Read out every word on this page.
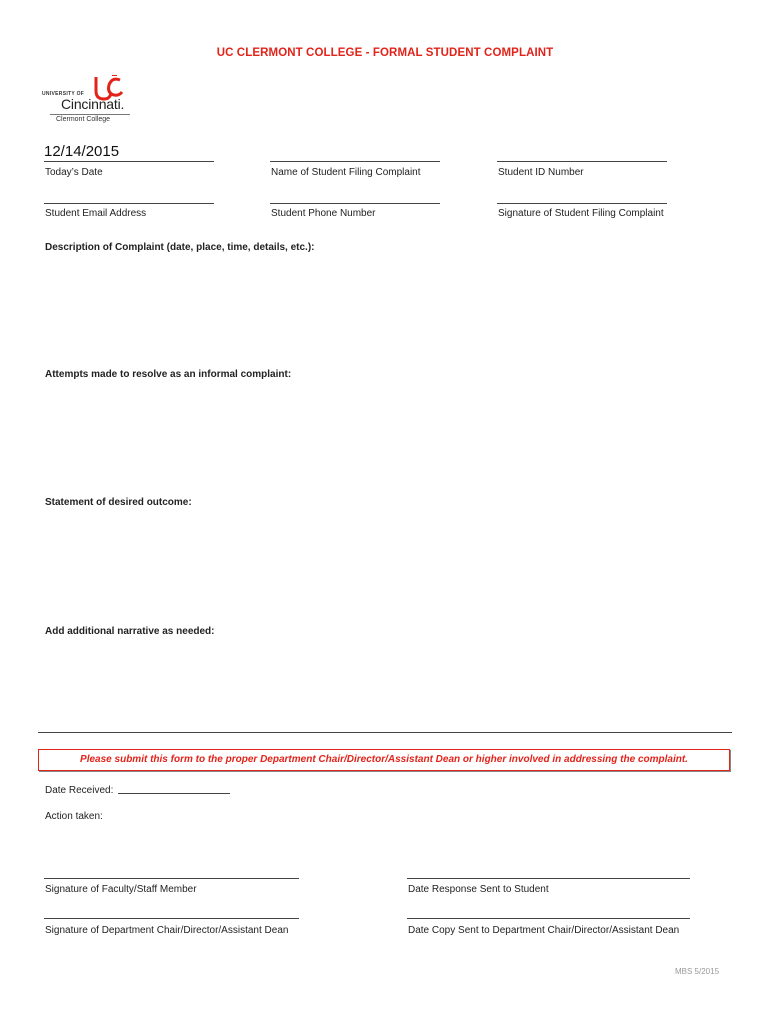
UC CLERMONT COLLEGE - FORMAL STUDENT COMPLAINT
UNIVERSITY OF
Cincinnati.
Clermont College
12/14/2015
Today’s Date	Name of Student Filing Complaint	Student ID Number
Student Email Address	Student Phone Number	Signature of Student Filing Complaint
Description of Complaint (date, place, time, details, etc.):
Attempts made to resolve as an informal complaint:
Statement of desired outcome:
Add additional narrative as needed:
Please submit this form to the proper Department Chair/Director/Assistant Dean or higher involved in addressing the complaint.
Date Received:
Action taken:
Signature of Faculty/Staff Member	Date Response Sent to Student
Signature of Department Chair/Director/Assistant Dean	Date Copy Sent to Department Chair/Director/Assistant Dean
MBS 5/2015
